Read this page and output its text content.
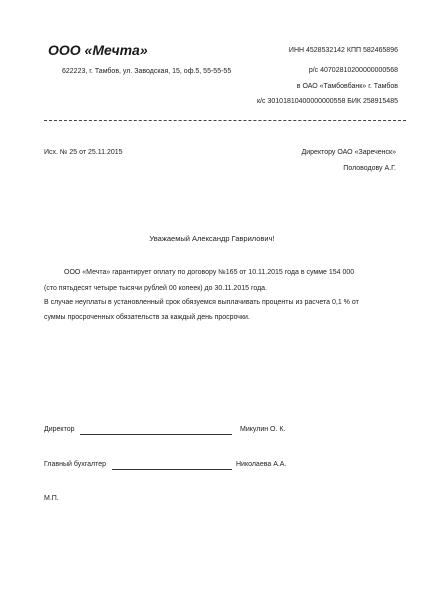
ООО «Мечта»
622223, г. Тамбов, ул. Заводская, 15, оф.5, 55-55-55
ИНН 4528532142 КПП 582465896
р/с 40702810200000000568
в ОАО «Тамбовбанк» г. Тамбов
к/с 30101810400000000558 БИК 258915485
Исх. № 25 от 25.11.2015	Директору ОАО «Зареченск»
Половодову А.Г.
Уважаемый Александр Гаврилович!
ООО «Мечта» гарантирует оплату по договору №165 от 10.11.2015 года в сумме 154 000
(сто пятьдесят четыре тысячи рублей 00 копеек) до 30.11.2015 года.
В случае неуплаты в установленный срок обязуемся выплачивать проценты из расчета 0,1 % от
суммы просроченных обязательств за каждый день просрочки.
Директор	Микулин О. К.
Главный бухгалтер	Николаева А.А.
М.П.
